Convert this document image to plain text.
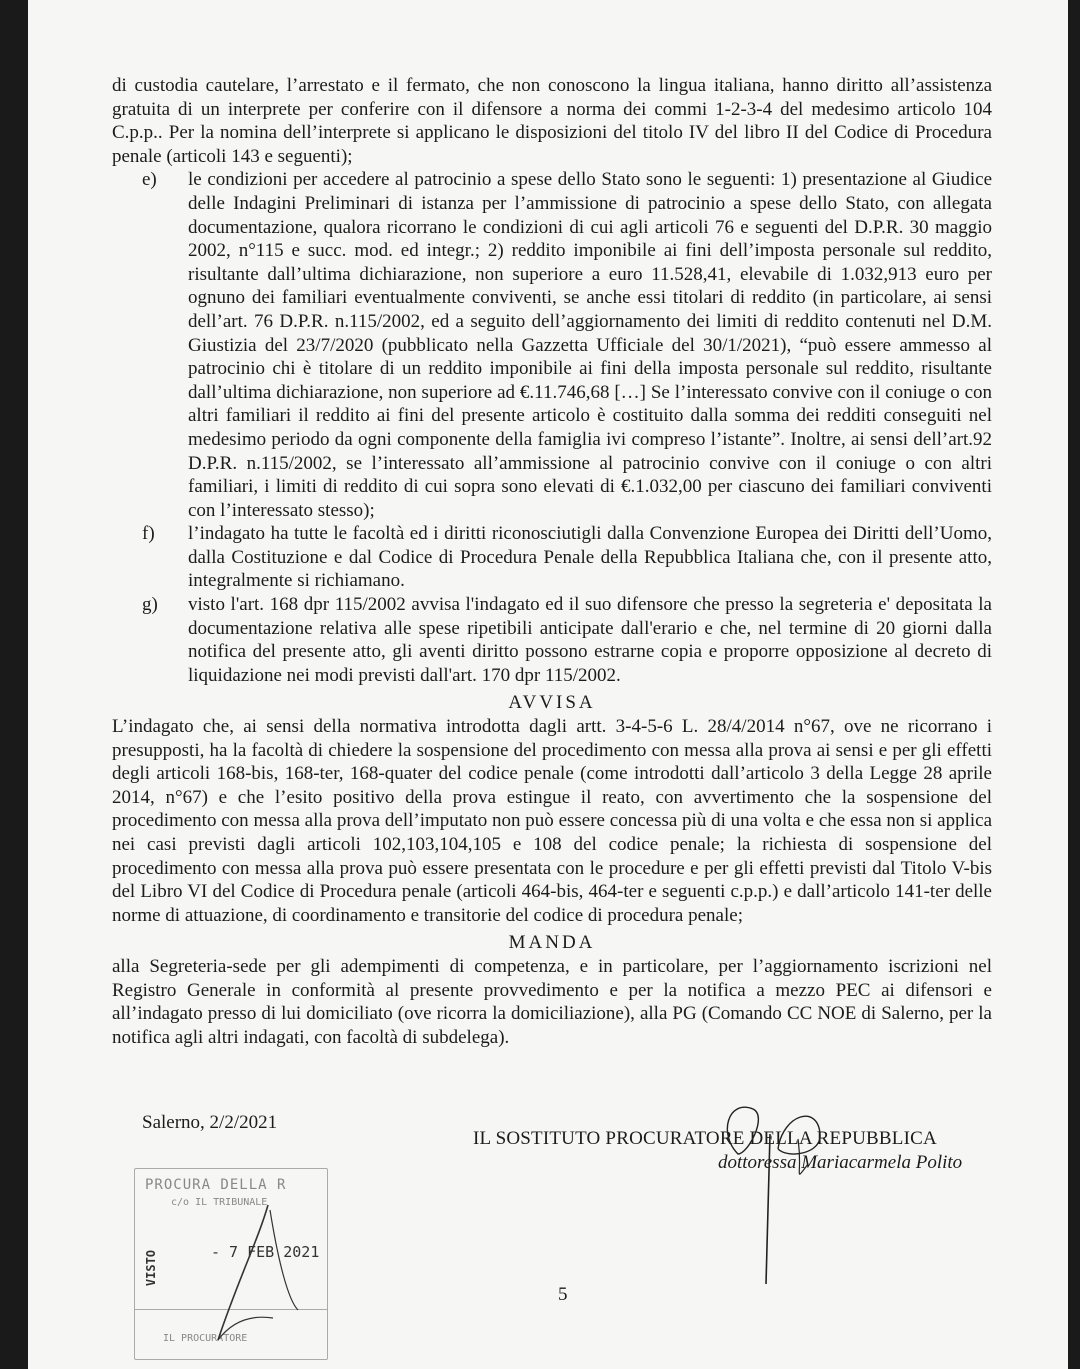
di custodia cautelare, l’arrestato e il fermato, che non conoscono la lingua italiana, hanno diritto all’assistenza gratuita di un interprete per conferire con il difensore a norma dei commi 1-2-3-4 del medesimo articolo 104 C.p.p.. Per la nomina dell’interprete si applicano le disposizioni del titolo IV del libro II del Codice di Procedura penale (articoli 143 e seguenti);

e) le condizioni per accedere al patrocinio a spese dello Stato sono le seguenti: 1) presentazione al Giudice delle Indagini Preliminari di istanza per l’ammissione di patrocinio a spese dello Stato, con allegata documentazione, qualora ricorrano le condizioni di cui agli articoli 76 e seguenti del D.P.R. 30 maggio 2002, n°115 e succ. mod. ed integr.; 2) reddito imponibile ai fini dell’imposta personale sul reddito, risultante dall’ultima dichiarazione, non superiore a euro 11.528,41, elevabile di 1.032,913 euro per ognuno dei familiari eventualmente conviventi, se anche essi titolari di reddito (in particolare, ai sensi dell’art. 76 D.P.R. n.115/2002, ed a seguito dell’aggiornamento dei limiti di reddito contenuti nel D.M. Giustizia del 23/7/2020 (pubblicato nella Gazzetta Ufficiale del 30/1/2021), “può essere ammesso al patrocinio chi è titolare di un reddito imponibile ai fini della imposta personale sul reddito, risultante dall’ultima dichiarazione, non superiore ad €.11.746,68 […] Se l’interessato convive con il coniuge o con altri familiari il reddito ai fini del presente articolo è costituito dalla somma dei redditi conseguiti nel medesimo periodo da ogni componente della famiglia ivi compreso l’istante”. Inoltre, ai sensi dell’art.92 D.P.R. n.115/2002, se l’interessato all’ammissione al patrocinio convive con il coniuge o con altri familiari, i limiti di reddito di cui sopra sono elevati di €.1.032,00 per ciascuno dei familiari conviventi con l’interessato stesso);
f) l’indagato ha tutte le facoltà ed i diritti riconosciutigli dalla Convenzione Europea dei Diritti dell’Uomo, dalla Costituzione e dal Codice di Procedura Penale della Repubblica Italiana che, con il presente atto, integralmente si richiamano.
g) visto l'art. 168 dpr 115/2002 avvisa l'indagato ed il suo difensore che presso la segreteria e' depositata la documentazione relativa alle spese ripetibili anticipate dall'erario e che, nel termine di 20 giorni dalla notifica del presente atto, gli aventi diritto possono estrarne copia e proporre opposizione al decreto di liquidazione nei modi previsti dall'art. 170 dpr 115/2002.

AVVISA

L’indagato che, ai sensi della normativa introdotta dagli artt. 3-4-5-6 L. 28/4/2014 n°67, ove ne ricorrano i presupposti, ha la facoltà di chiedere la sospensione del procedimento con messa alla prova ai sensi e per gli effetti degli articoli 168-bis, 168-ter, 168-quater del codice penale (come introdotti dall’articolo 3 della Legge 28 aprile 2014, n°67) e che l’esito positivo della prova estingue il reato, con avvertimento che la sospensione del procedimento con messa alla prova dell’imputato non può essere concessa più di una volta e che essa non si applica nei casi previsti dagli articoli 102,103,104,105 e 108 del codice penale; la richiesta di sospensione del procedimento con messa alla prova può essere presentata con le procedure e per gli effetti previsti dal Titolo V-bis del Libro VI del Codice di Procedura penale (articoli 464-bis, 464-ter e seguenti c.p.p.) e dall’articolo 141-ter delle norme di attuazione, di coordinamento e transitorie del codice di procedura penale;

MANDA

alla Segreteria-sede per gli adempimenti di competenza, e in particolare, per l’aggiornamento iscrizioni nel Registro Generale in conformità al presente provvedimento e per la notifica a mezzo PEC ai difensori e all’indagato presso di lui domiciliato (ove ricorra la domiciliazione), alla PG (Comando CC NOE di Salerno, per la notifica agli altri indagati, con facoltà di subdelega).

Salerno, 2/2/2021
IL SOSTITUTO PROCURATORE DELLA REPUBBLICA
dottoressa Mariacarmela Polito
PROCURA DELLA R
c/o IL TRIBUNALE
VISTO	- 7 FEB 2021
IL PROCURATORE
5
